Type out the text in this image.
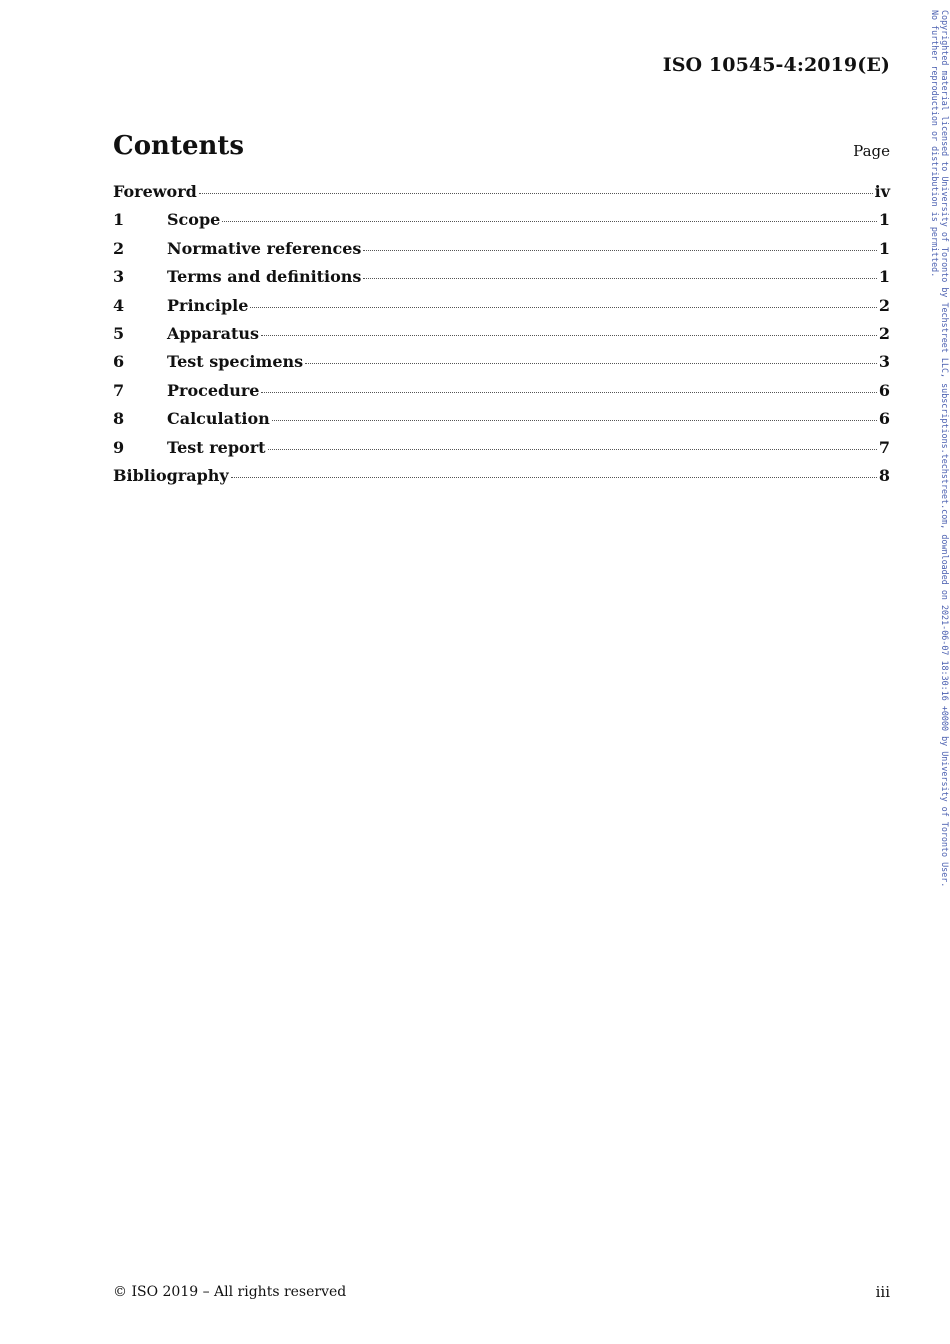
ISO 10545-4:2019(E)
Contents	Page
Foreword	iv
1	Scope	1
2	Normative references	1
3	Terms and definitions	1
4	Principle	2
5	Apparatus	2
6	Test specimens	3
7	Procedure	6
8	Calculation	6
9	Test report	7
Bibliography	8
© ISO 2019 – All rights reserved	iii
Copyrighted material licensed to University of Toronto by Techstreet LLC, subscriptions.techstreet.com, downloaded on 2021-06-07 18:30:16 +0000 by University of Toronto User.
No further reproduction or distribution is permitted.
